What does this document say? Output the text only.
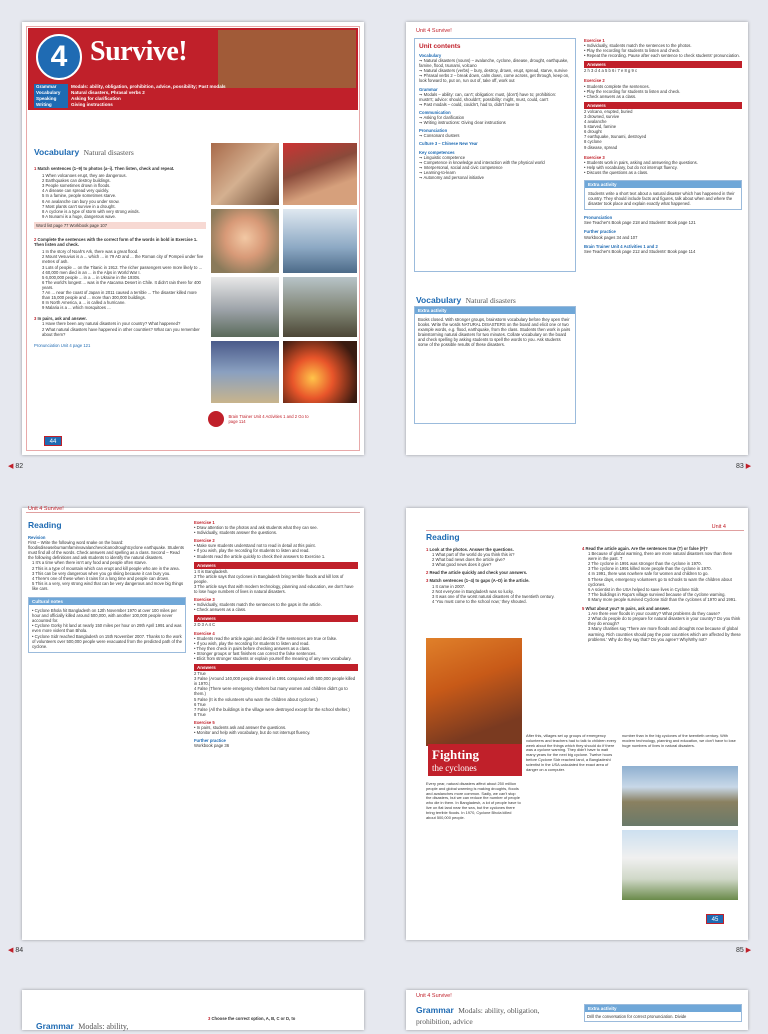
4 Survive!
Grammar	Modals: ability, obligation, prohibition, advice, possibility; Past modals
Vocabulary Natural disasters, Phrasal verbs 2
Speaking	Asking for clarification
Writing	Giving instructions
Vocabulary Natural disasters
1 Match sentences (1–9) to photos (a–i). Then listen, check and repeat.
1 When volcanoes erupt, they are dangerous.
2 Earthquakes can destroy buildings.
3 People sometimes drown in floods.
4 A disease can spread very quickly.
5 In a famine, people sometimes starve.
6 An avalanche can bury you under snow.
7 Most plants can't survive in a drought.
8 A cyclone is a type of storm with very strong winds.
9 A tsunami is a huge, dangerous wave.
Word list page 77 Workbook page 107
2 Complete the sentences with the correct form of the words in bold in Exercise 1. Then listen and check.
1 In the story of Noah's Ark, there was a great flood.
2 Mount Vesuvius is a ... which ... in 79 AD and ... the Roman city of Pompeii under five metres of ash.
3 Lots of people ... on the Titanic in 1912. The richer passengers were more likely to ...
4 60,000 men died in an ... in the Alps in World War I.
5 6,000,000 people ... in a ... in Ukraine in the 1930s.
6 The world's longest ... was in the Atacama Desert in Chile. It didn't rain there for 400 years.
7 An ... near the coast of Japan in 2011 caused a terrible ... The disaster killed more than 15,000 people and ... more than 300,000 buildings.
8 In North America, a ... is called a hurricane.
9 Malaria is a ... which mosquitoes ...
3 In pairs, ask and answer.
1 Have there been any natural disasters in your country? What happened?
2 What natural disasters have happened in other countries? What can you remember about them?
Pronunciation Unit 4 page 121
Brain Trainer Unit 4 Activities 1 and 2 Go to page 114
44
◀ 82
Unit 4 Survive!
Unit contents
Vocabulary
➞ Natural disasters (nouns) – avalanche, cyclone, disease, drought, earthquake, famine, flood, tsunami, volcano
➞ Natural disasters (verbs) – bury, destroy, drown, erupt, spread, starve, survive
➞ Phrasal verbs 2 – break down, calm down, come across, get through, keep on, look forward to, put on, run out of, take off, work out
Grammar
➞ Modals – ability: can, can't; obligation: must, (don't) have to; prohibition: mustn't; advice: should, shouldn't; possibility: might, must, could, can't
➞ Past modals – could, couldn't, had to, didn't have to
Communication
➞ Asking for clarification
➞ Writing instructions: Giving clear instructions
Pronunciation
➞ Consonant clusters
Culture 3 – Chinese New Year
Key competences
➞ Linguistic competence
➞ Competence in knowledge and interaction with the physical world
➞ Interpersonal, social and civic competence
➞ Learning-to-learn
➞ Autonomy and personal initiative
Vocabulary Natural disasters
Extra activity
Books closed. With stronger groups, brainstorm vocabulary before they open their books. Write the words NATURAL DISASTERS on the board and elicit one or two example words, e.g. flood, earthquake, from the class. Students then work in pairs brainstorming natural disasters for two minutes. Collate vocabulary on the board and check spelling by asking students to spell the words to you. Ask students some of the possible results of these disasters.
Exercise 1
• Individually, students match the sentences to the photos.
• Play the recording for students to listen and check.
• Repeat the recording. Pause after each sentence to check students' pronunciation.
Answers
2 h 3 d 4 a 5 b 6 i 7 e 8 g 9 c
Exercise 2
• Students complete the sentences.
• Play the recording for students to listen and check.
• Check answers as a class.
Answers
2 volcano, erupted, buried
3 drowned, survive
4 avalanche
5 starved, famine
6 drought
7 earthquake, tsunami, destroyed
8 cyclone
9 disease, spread
Exercise 3
• Students work in pairs, asking and answering the questions.
• Help with vocabulary, but do not interrupt fluency.
• Discuss the questions as a class.
Extra activity
Students write a short text about a natural disaster which has happened in their country. They should include facts and figures, talk about when and where the disaster took place and explain exactly what happened.
Pronunciation
See Teacher's Book page 218 and Students' Book page 121
Further practice
Workbook pages 34 and 107
Brain Trainer Unit 4 Activities 1 and 2
See Teacher's Book page 212 and Students' Book page 114
83 ▶
Unit 4 Survive!
Reading
Revision
First – Write the following word snake on the board: floodisdiseaseburnamfaminvavalanchevolcanodroughtcyclone earthquake. Students must find all of the words. Check answers and spelling as a class. Second – Read the following definitions and ask students to identify the natural disasters.
1 It's a time when there isn't any food and people often starve.
2 This is a type of mountain which can erupt and kill people who are in the area.
3 This can be very dangerous when you go skiing because it can bury you.
4 There's one of these when it rains for a long time and people can drown.
5 This is a very, very strong wind that can be very dangerous and move big things like cars.
Cultural notes
• Cyclone Bhola hit Bangladesh on 12th November 1970 at over 100 miles per hour and officially killed around 500,000, with another 100,000 people never accounted for.
• Cyclone Gorky hit land at nearly 150 miles per hour on 29th April 1991 and was even more violent than Bhola.
• Cyclone Sidr reached Bangladesh on 15th November 2007. Thanks to the work of volunteers over 500,000 people were evacuated from the predicted path of the cyclone.
Exercise 1
• Draw attention to the photos and ask students what they can see.
• Individually, students answer the questions.
Exercise 2
• Make sure students understand not to read in detail at this point.
• If you wish, play the recording for students to listen and read.
• Students read the article quickly to check their answers to Exercise 1.
Answers
1 It is Bangladesh.
2 The article says that cyclones in Bangladesh bring terrible floods and kill lots of people.
3 The article says that with modern technology, planning and education, we don't have to lose huge numbers of lives in natural disasters.
Exercise 3
• Individually, students match the sentences to the gaps in the article.
• Check answers as a class.
Answers
2 D 3 A 4 C
Exercise 4
• Students read the article again and decide if the sentences are true or false.
• If you wish, play the recording for students to listen and read.
• They then check in pairs before checking answers as a class.
• Stronger groups or fast finishers can correct the false sentences.
• Elicit from stronger students or explain yourself the meaning of any new vocabulary.
Answers
2 True
3 False (Around 140,000 people drowned in 1991 compared with 500,000 people killed in 1970.)
4 False (There were emergency shelters but many women and children didn't go to them.)
5 False (It is the volunteers who warn the children about cyclones.)
6 True
7 False (All the buildings in the village were destroyed except for the school shelter.)
8 True
Exercise 5
• In pairs, students ask and answer the questions.
• Monitor and help with vocabulary, but do not interrupt fluency.
Further practice
Workbook page 36
◀ 84
Unit 4
Reading
1 Look at the photos. Answer the questions.
1 What part of the world do you think this is?
2 What bad news does the article give?
3 What good news does it give?
2 Read the article quickly and check your answers.
3 Match sentences (1–4) to gaps (A–D) in the article.
1 It came in 2007.
2 Not everyone in Bangladesh was so lucky.
3 It was one of the worst natural disasters of the twentieth century.
4 'You must come to the school now,' they shouted.
4 Read the article again. Are the sentences true (T) or false (F)?
1 Because of global warming, there are more natural disasters now than there were in the past. T
2 The cyclone in 1991 was stronger than the cyclone in 1970.
3 The cyclone in 1991 killed more people than the cyclone in 1970.
4 In 1991, there was nowhere safe for women and children to go.
5 These days, emergency volunteers go to schools to warn the children about cyclones.
6 A scientist in the USA helped to save lives in Cyclone Sidr.
7 The buildings in Rupa's village survived because of the cyclone warning.
8 Many more people survived Cyclone Sidr than the cyclones of 1970 and 1991.
5 What about you? In pairs, ask and answer.
1 Are there ever floods in your country? What problems do they cause?
2 What do people do to prepare for natural disasters in your country? Do you think they do enough?
3 Many charities say 'There are more floods and droughts now because of global warming. Rich countries should pay the poor countries which are affected by these problems.' Why do they say that? Do you agree? Why/Why not?
Fighting
the cyclones
Every year, natural disasters affect about 250 million people and global warming is making droughts, floods and avalanches more common. Sadly, we can't stop the disasters, but we can reduce the number of people who die in them. In Bangladesh, a lot of people have to live on flat land near the sea, but the cyclones there bring terrible floods. In 1970, Cyclone Bhola killed about 500,000 people.
After this, villages set up groups of emergency volunteers and teachers had to talk to children every week about the things which they should do if there was a cyclone warning. They didn't have to wait many years for the next big cyclone. Twelve hours before Cyclone Sidr reached land, a Bangladeshi scientist in the USA calculated the exact area of danger on a computer.
number than in the big cyclones of the twentieth century. With modern technology, planning and education, we don't have to lose huge numbers of lives in natural disasters.
45
85 ▶
Grammar Modals: ability,
3 Choose the correct option, A, B, C or D, to
Unit 4 Survive!
Grammar Modals: ability, obligation, prohibition, advice
Extra activity
Drill the conversation for correct pronunciation. Divide
